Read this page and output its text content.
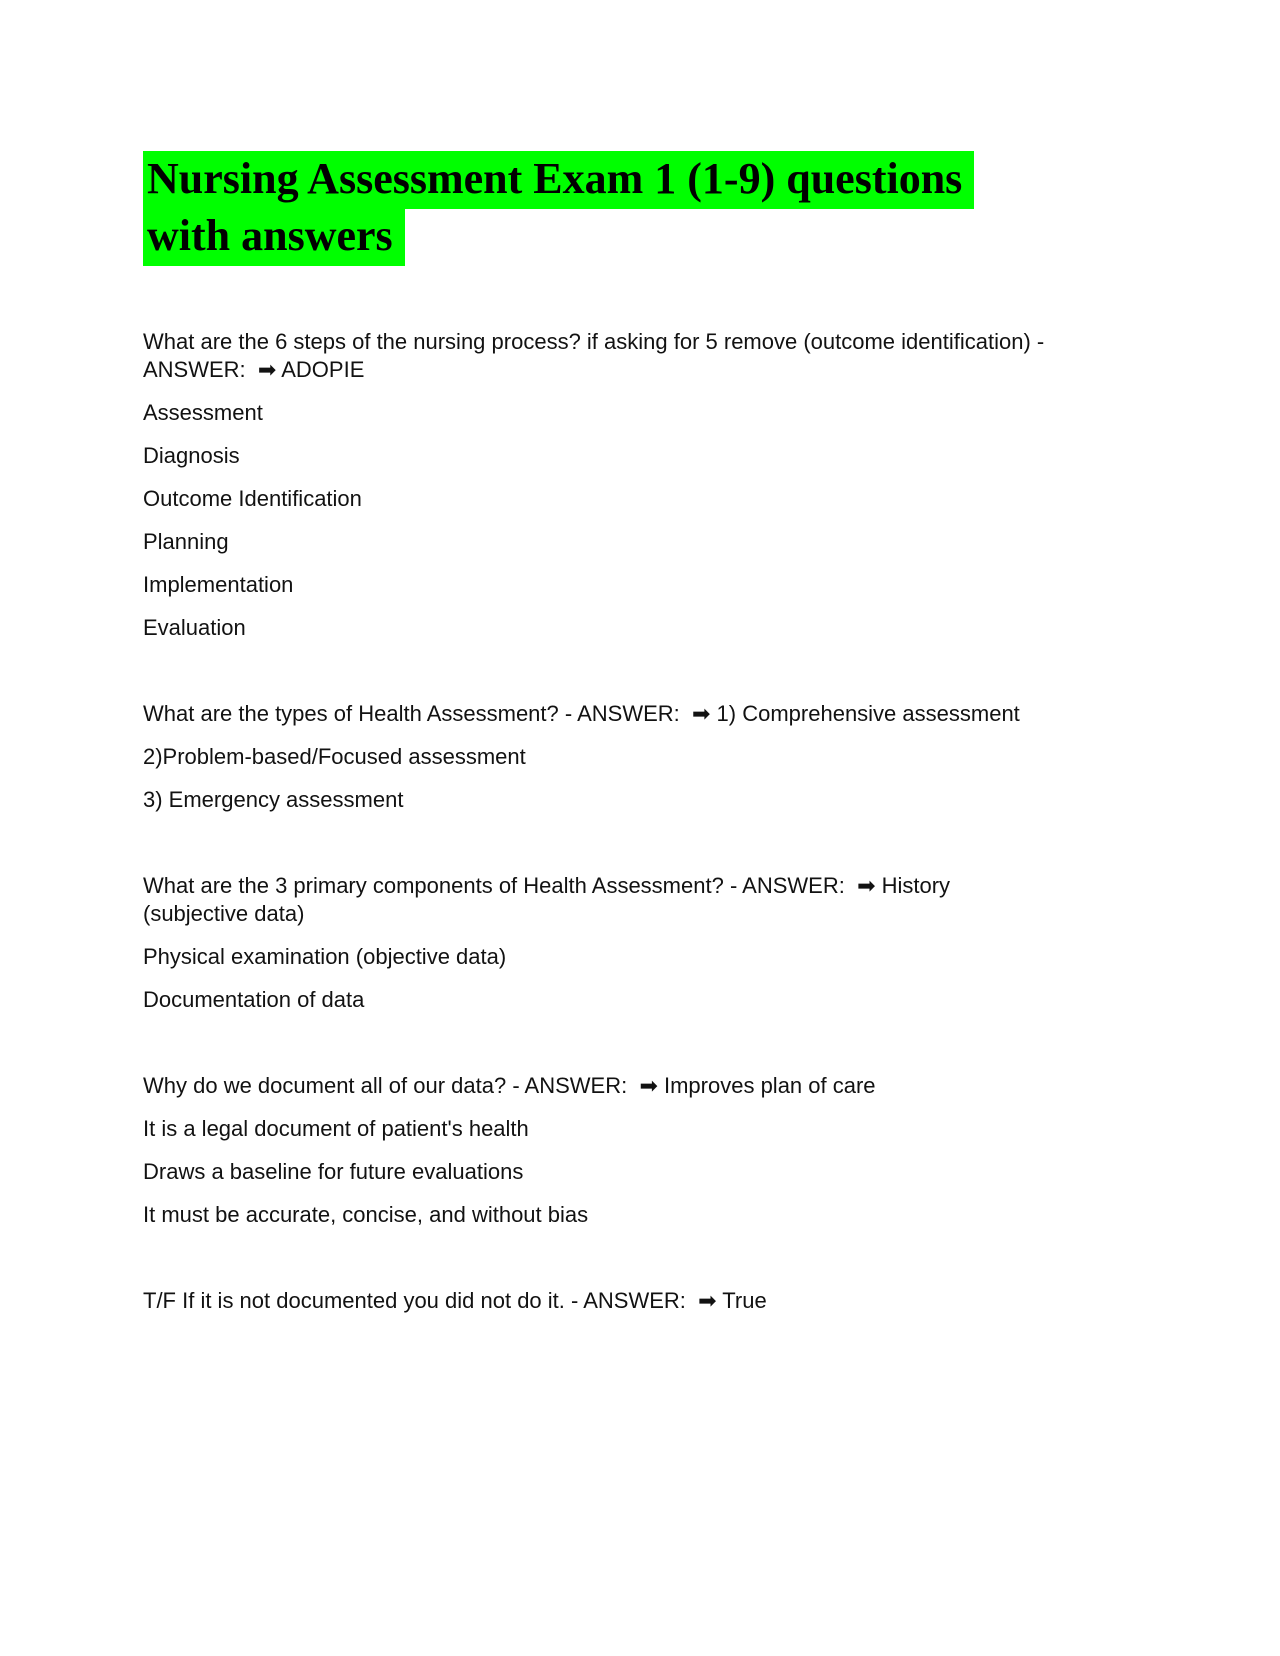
Nursing Assessment Exam 1 (1-9) questions
with answers

What are the 6 steps of the nursing process? if asking for 5 remove (outcome identification) - ANSWER:  ➡ ADOPIE

Assessment

Diagnosis

Outcome Identification

Planning

Implementation

Evaluation

What are the types of Health Assessment? - ANSWER:  ➡ 1) Comprehensive assessment

2)Problem-based/Focused assessment

3) Emergency assessment

What are the 3 primary components of Health Assessment? - ANSWER:  ➡ History (subjective data)

Physical examination (objective data)

Documentation of data

Why do we document all of our data? - ANSWER:  ➡ Improves plan of care

It is a legal document of patient's health

Draws a baseline for future evaluations

It must be accurate, concise, and without bias

T/F If it is not documented you did not do it. - ANSWER:  ➡ True
